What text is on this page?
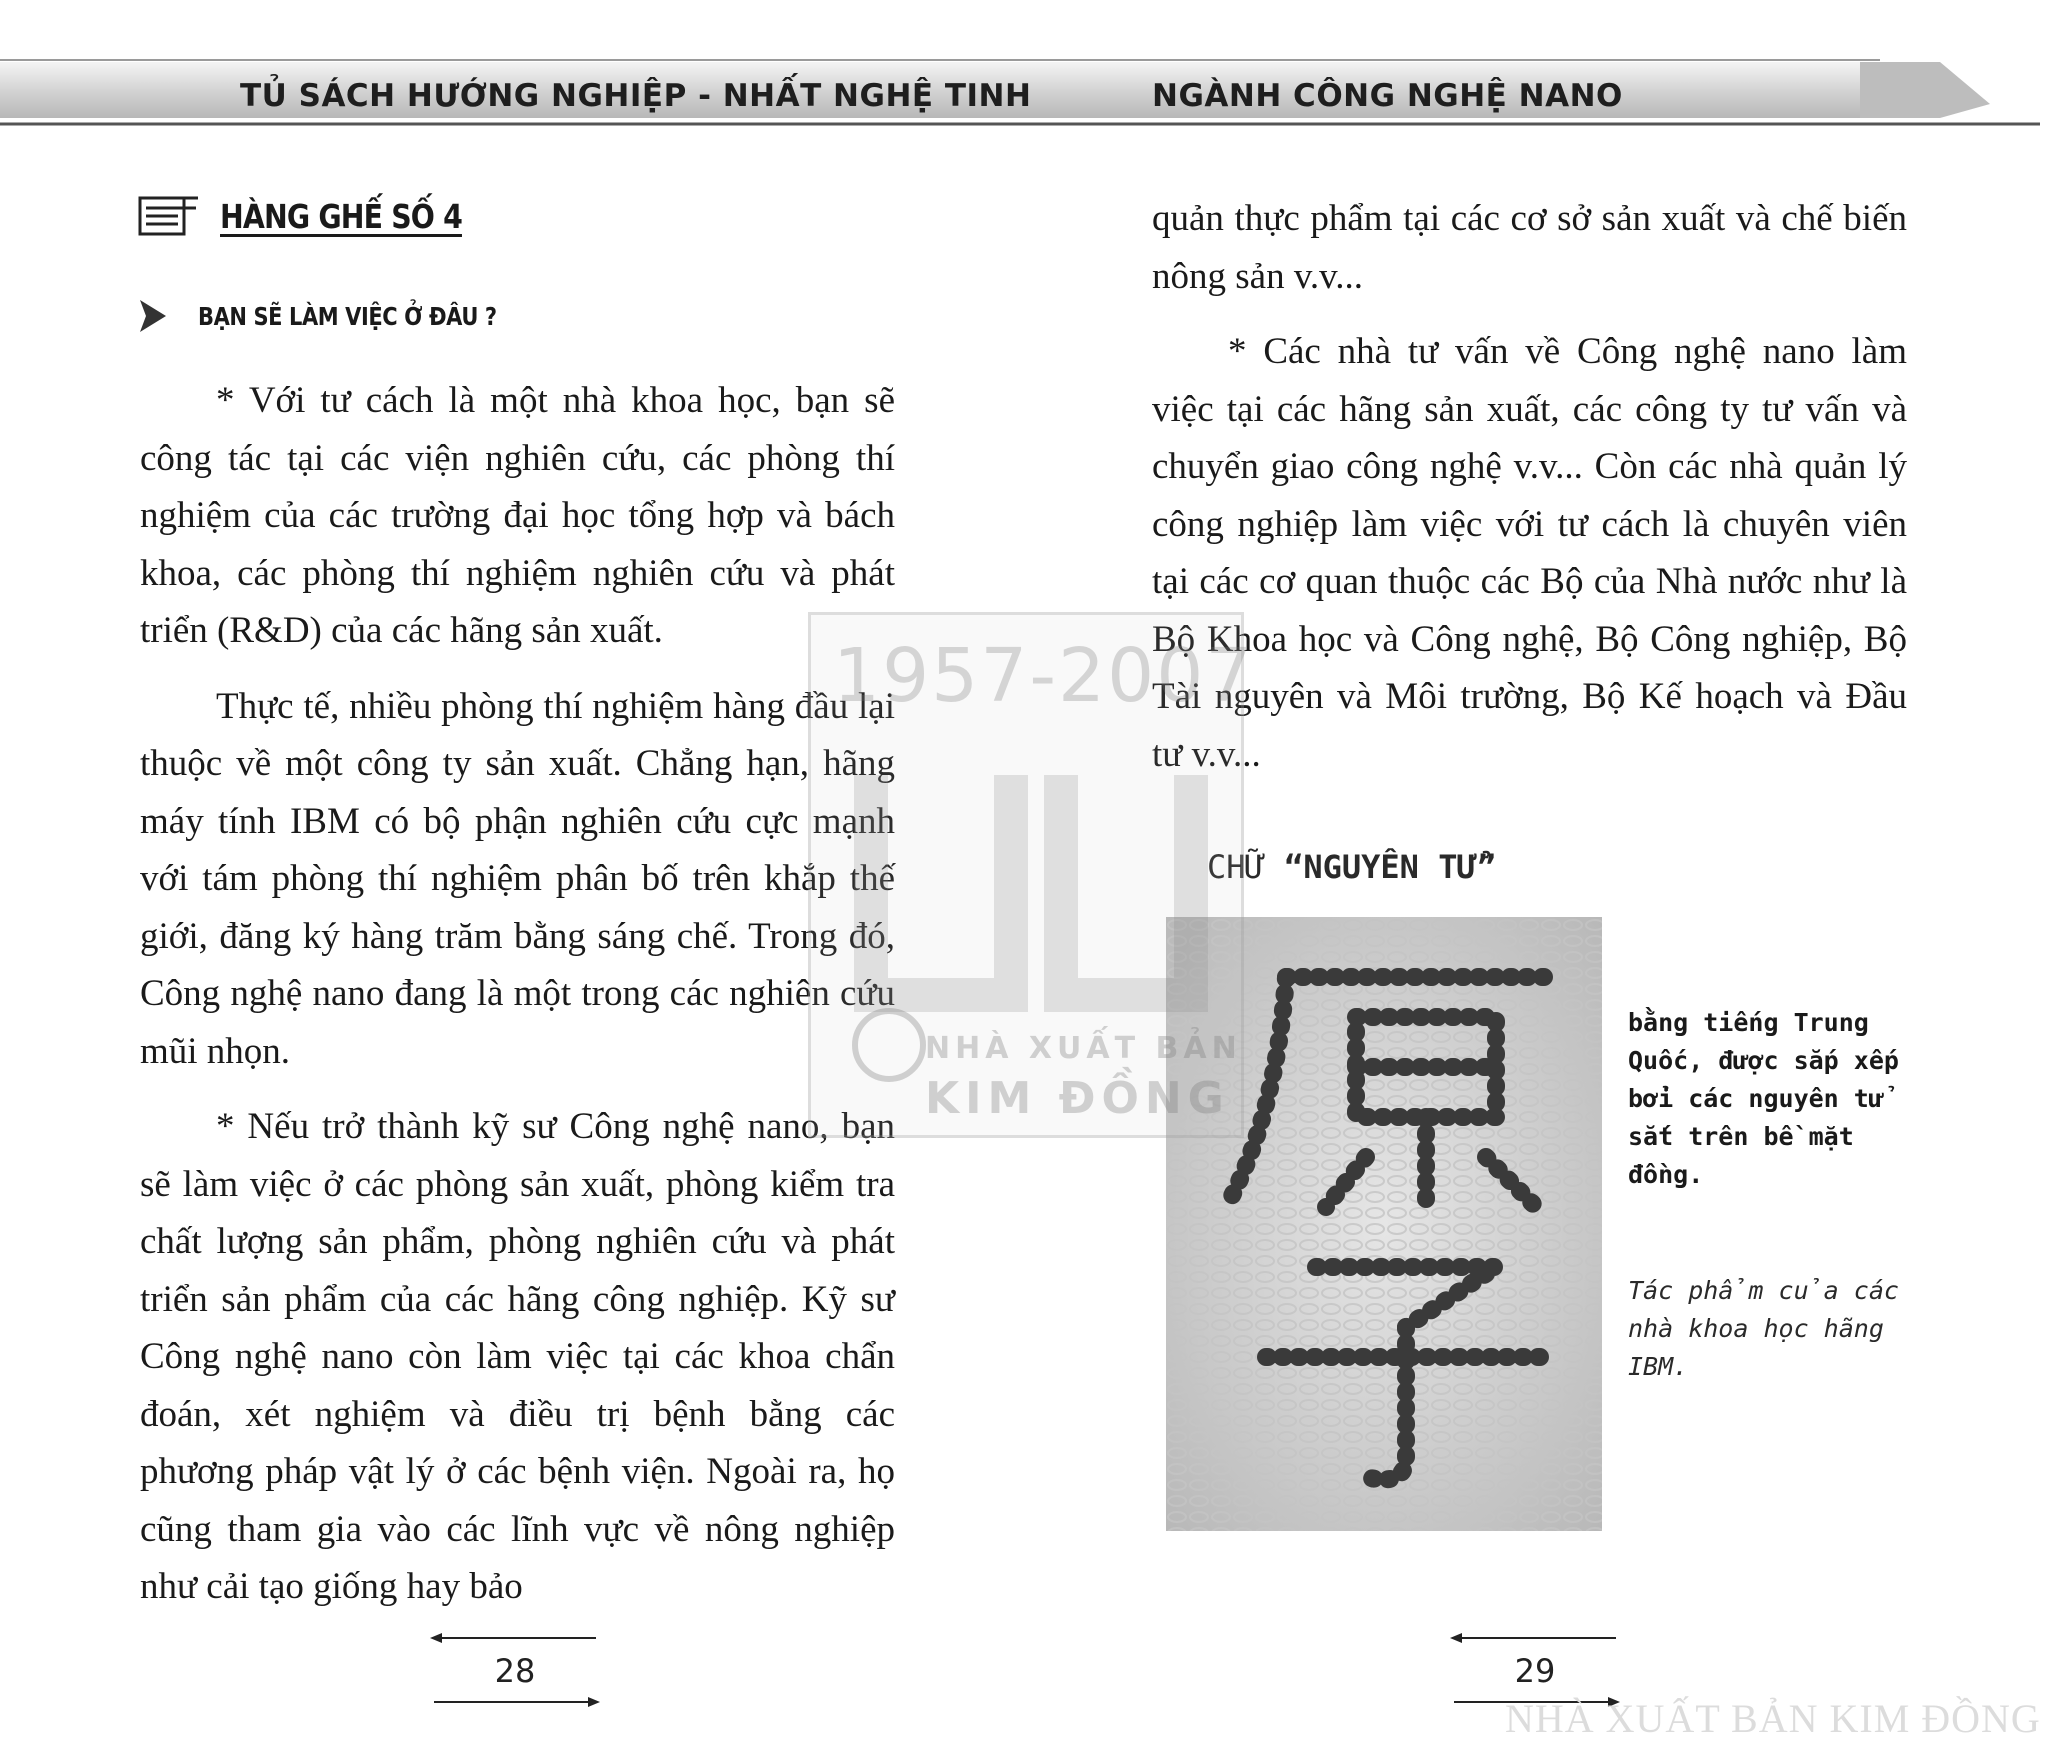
TỦ SÁCH HƯỚNG NGHIỆP - NHẤT NGHỆ TINH	NGÀNH CÔNG NGHỆ NANO
HÀNG GHẾ SỐ 4
BẠN SẼ LÀM VIỆC Ở ĐÂU ?

* Với tư cách là một nhà khoa học, bạn sẽ công tác tại các viện nghiên cứu, các phòng thí nghiệm của các trường đại học tổng hợp và bách khoa, các phòng thí nghiệm nghiên cứu và phát triển (R&D) của các hãng sản xuất.

Thực tế, nhiều phòng thí nghiệm hàng đầu lại thuộc về một công ty sản xuất. Chẳng hạn, hãng máy tính IBM có bộ phận nghiên cứu cực mạnh với tám phòng thí nghiệm phân bố trên khắp thế giới, đăng ký hàng trăm bằng sáng chế. Trong đó, Công nghệ nano đang là một trong các nghiên cứu mũi nhọn.

* Nếu trở thành kỹ sư Công nghệ nano, bạn sẽ làm việc ở các phòng sản xuất, phòng kiểm tra chất lượng sản phẩm, phòng nghiên cứu và phát triển sản phẩm của các hãng công nghiệp. Kỹ sư Công nghệ nano còn làm việc tại các khoa chẩn đoán, xét nghiệm và điều trị bệnh bằng các phương pháp vật lý ở các bệnh viện. Ngoài ra, họ cũng tham gia vào các lĩnh vực về nông nghiệp như cải tạo giống hay bảo

quản thực phẩm tại các cơ sở sản xuất và chế biến nông sản v.v...

* Các nhà tư vấn về Công nghệ nano làm việc tại các hãng sản xuất, các công ty tư vấn và chuyển giao công nghệ v.v... Còn các nhà quản lý công nghiệp làm việc với tư cách là chuyên viên tại các cơ quan thuộc các Bộ của Nhà nước như là Bộ Khoa học và Công nghệ, Bộ Công nghiệp, Bộ Tài nguyên và Môi trường, Bộ Kế hoạch và Đầu tư v.v...

CHỮ “NGUYÊN TỬ”
bằng tiếng Trung Quốc, được sắp xếp bởi các nguyên tử sắt trên bề mặt đồng.
Tác phẩm của các nhà khoa học hãng IBM.
1957-2007
NHÀ XUẤT BẢN
KIM ĐỒNG
28	29
NHÀ XUẤT BẢN KIM ĐỒNG
